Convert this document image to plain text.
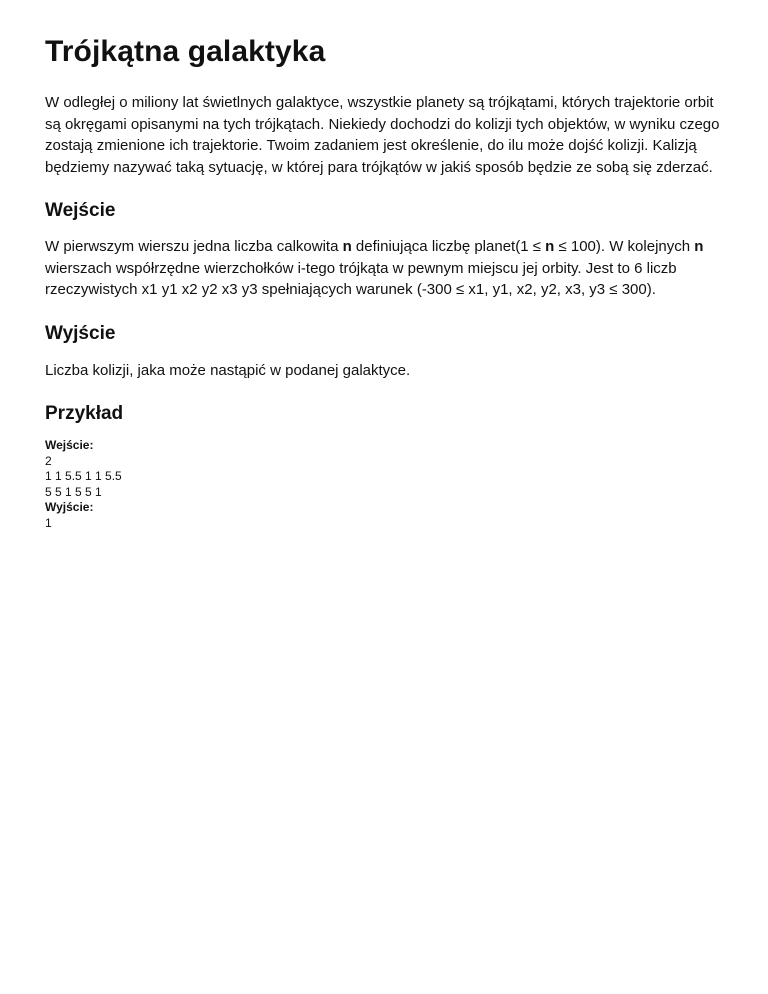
Trójkątna galaktyka

W odległej o miliony lat świetlnych galaktyce, wszystkie planety są trójkątami, których trajektorie orbit są okręgami opisanymi na tych trójkątach. Niekiedy dochodzi do kolizji tych objektów, w wyniku czego zostają zmienione ich trajektorie. Twoim zadaniem jest określenie, do ilu może dojść kolizji. Kalizją będziemy nazywać taką sytuację, w której para trójkątów w jakiś sposób będzie ze sobą się zderzać.

Wejście

W pierwszym wierszu jedna liczba calkowita n definiująca liczbę planet(1 ≤ n ≤ 100). W kolejnych n wierszach współrzędne wierzchołków i-tego trójkąta w pewnym miejscu jej orbity. Jest to 6 liczb rzeczywistych x1 y1 x2 y2 x3 y3 spełniających warunek (-300 ≤ x1, y1, x2, y2, x3, y3 ≤ 300).

Wyjście

Liczba kolizji, jaka może nastąpić w podanej galaktyce.

Przykład
Wejście:
2
1 1 5.5 1 1 5.5
5 5 1 5 5 1
Wyjście:
1
